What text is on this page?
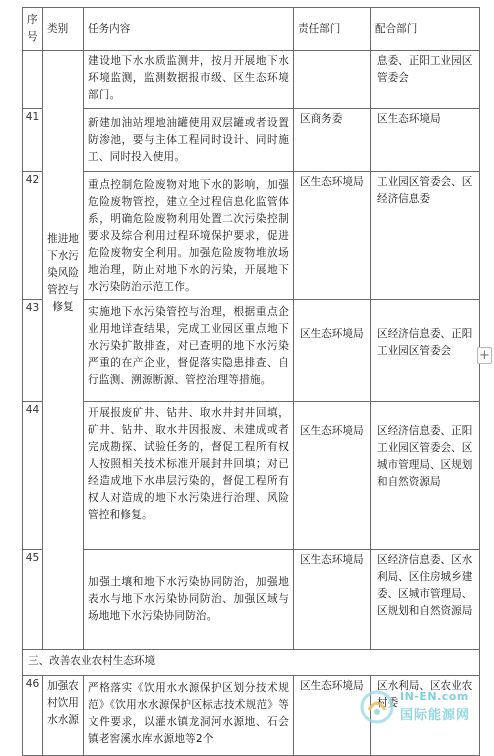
序号	类别	任务内容	责任部门	配合部门

	推进地下水污染风险管控与修复	建设地下水水质监测井，按月开展地下水环境监测，监测数据报市级、区生态环境部门。		息委、正阳工业园区管委会
41		新建加油站埋地油罐使用双层罐或者设置防渗池，要与主体工程同时设计、同时施工、同时投入使用。	区商务委	区生态环境局
42		重点控制危险废物对地下水的影响，加强危险废物管控，建立全过程信息化监管体系，明确危险废物利用处置二次污染控制要求及综合利用过程环境保护要求，促进危险废物安全利用。加强危险废物堆放场地治理，防止对地下水的污染，开展地下水污染防治示范工作。	区生态环境局	工业园区管委会、区经济信息委
43		实施地下水污染管控与治理，根据重点企业用地详查结果，完成工业园区重点地下水污染扩散排查，对已查明的地下水污染严重的在产企业，督促落实隐患排查、自行监测、溯源断源、管控治理等措施。	区生态环境局	区经济信息委、正阳工业园区管委会
44		开展报废矿井、钻井、取水井封井回填，矿井、钻井、取水井因报废、未建成或者完成勘探、试验任务的，督促工程所有权人按照相关技术标准开展封井回填；对已经造成地下水串层污染的，督促工程所有权人对造成的地下水污染进行治理、风险管控和修复。	区生态环境局	区经济信息委、正阳工业园区管委会、区城市管理局、区规划和自然资源局
45		加强土壤和地下水污染协同防治，加强地表水与地下水污染协同防治、加强区域与场地地下水污染协同防治。	区生态环境局	区经济信息委、区水利局、区住房城乡建委、区城市管理局、区规划和自然资源局
三、改善农业农村生态环境				
46	加强农村饮用水水源	严格落实《饮用水水源保护区划分技术规范》《饮用水水源保护区标志技术规范》等文件要求，以灌水镇龙洞河水源地、石会镇老窖溪水库水源地等2个	区生态环境局	区水利局、区农业农村委
+
IN-EN.com
国际能源网
